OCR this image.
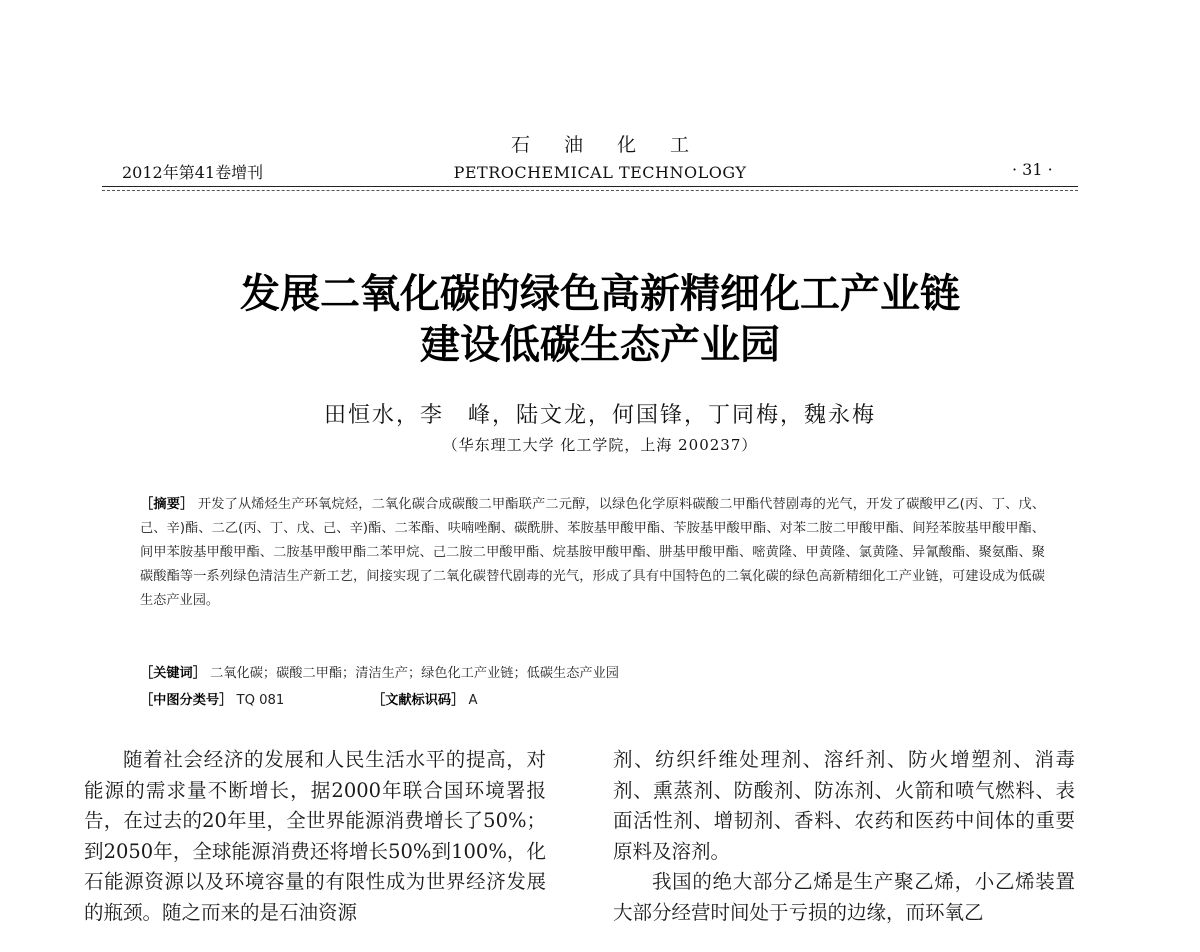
2012年第41卷增刊
石油化工
PETROCHEMICAL TECHNOLOGY	· 31 ·
发展二氧化碳的绿色高新精细化工产业链
建设低碳生态产业园
田恒水，李　峰，陆文龙，何国锋，丁同梅，魏永梅
（华东理工大学 化工学院，上海 200237）
［摘要］ 开发了从烯烃生产环氧烷烃，二氧化碳合成碳酸二甲酯联产二元醇，以绿色化学原料碳酸二甲酯代替剧毒的光气，开发了碳酸甲乙(丙、丁、戊、己、辛)酯、二乙(丙、丁、戊、己、辛)酯、二苯酯、呋喃唑酮、碳酰肼、苯胺基甲酸甲酯、苄胺基甲酸甲酯、对苯二胺二甲酸甲酯、间羟苯胺基甲酸甲酯、间甲苯胺基甲酸甲酯、二胺基甲酸甲酯二苯甲烷、己二胺二甲酸甲酯、烷基胺甲酸甲酯、肼基甲酸甲酯、嘧黄隆、甲黄隆、氯黄隆、异氰酸酯、聚氨酯、聚碳酸酯等一系列绿色清洁生产新工艺，间接实现了二氧化碳替代剧毒的光气，形成了具有中国特色的二氧化碳的绿色高新精细化工产业链，可建设成为低碳生态产业园。
［关键词］ 二氧化碳；碳酸二甲酯；清洁生产；绿色化工产业链；低碳生态产业园
［中图分类号］ TQ 081	［文献标识码］ A

随着社会经济的发展和人民生活水平的提高，对能源的需求量不断增长，据2000年联合国环境署报告，在过去的20年里，全世界能源消费增长了50%；到2050年，全球能源消费还将增长50%到100%，化石能源资源以及环境容量的有限性成为世界经济发展的瓶颈。随之而来的是石油资源

剂、纺织纤维处理剂、溶纤剂、防火增塑剂、消毒剂、熏蒸剂、防酸剂、防冻剂、火箭和喷气燃料、表面活性剂、增韧剂、香料、农药和医药中间体的重要原料及溶剂。

我国的绝大部分乙烯是生产聚乙烯，小乙烯装置大部分经营时间处于亏损的边缘，而环氧乙
